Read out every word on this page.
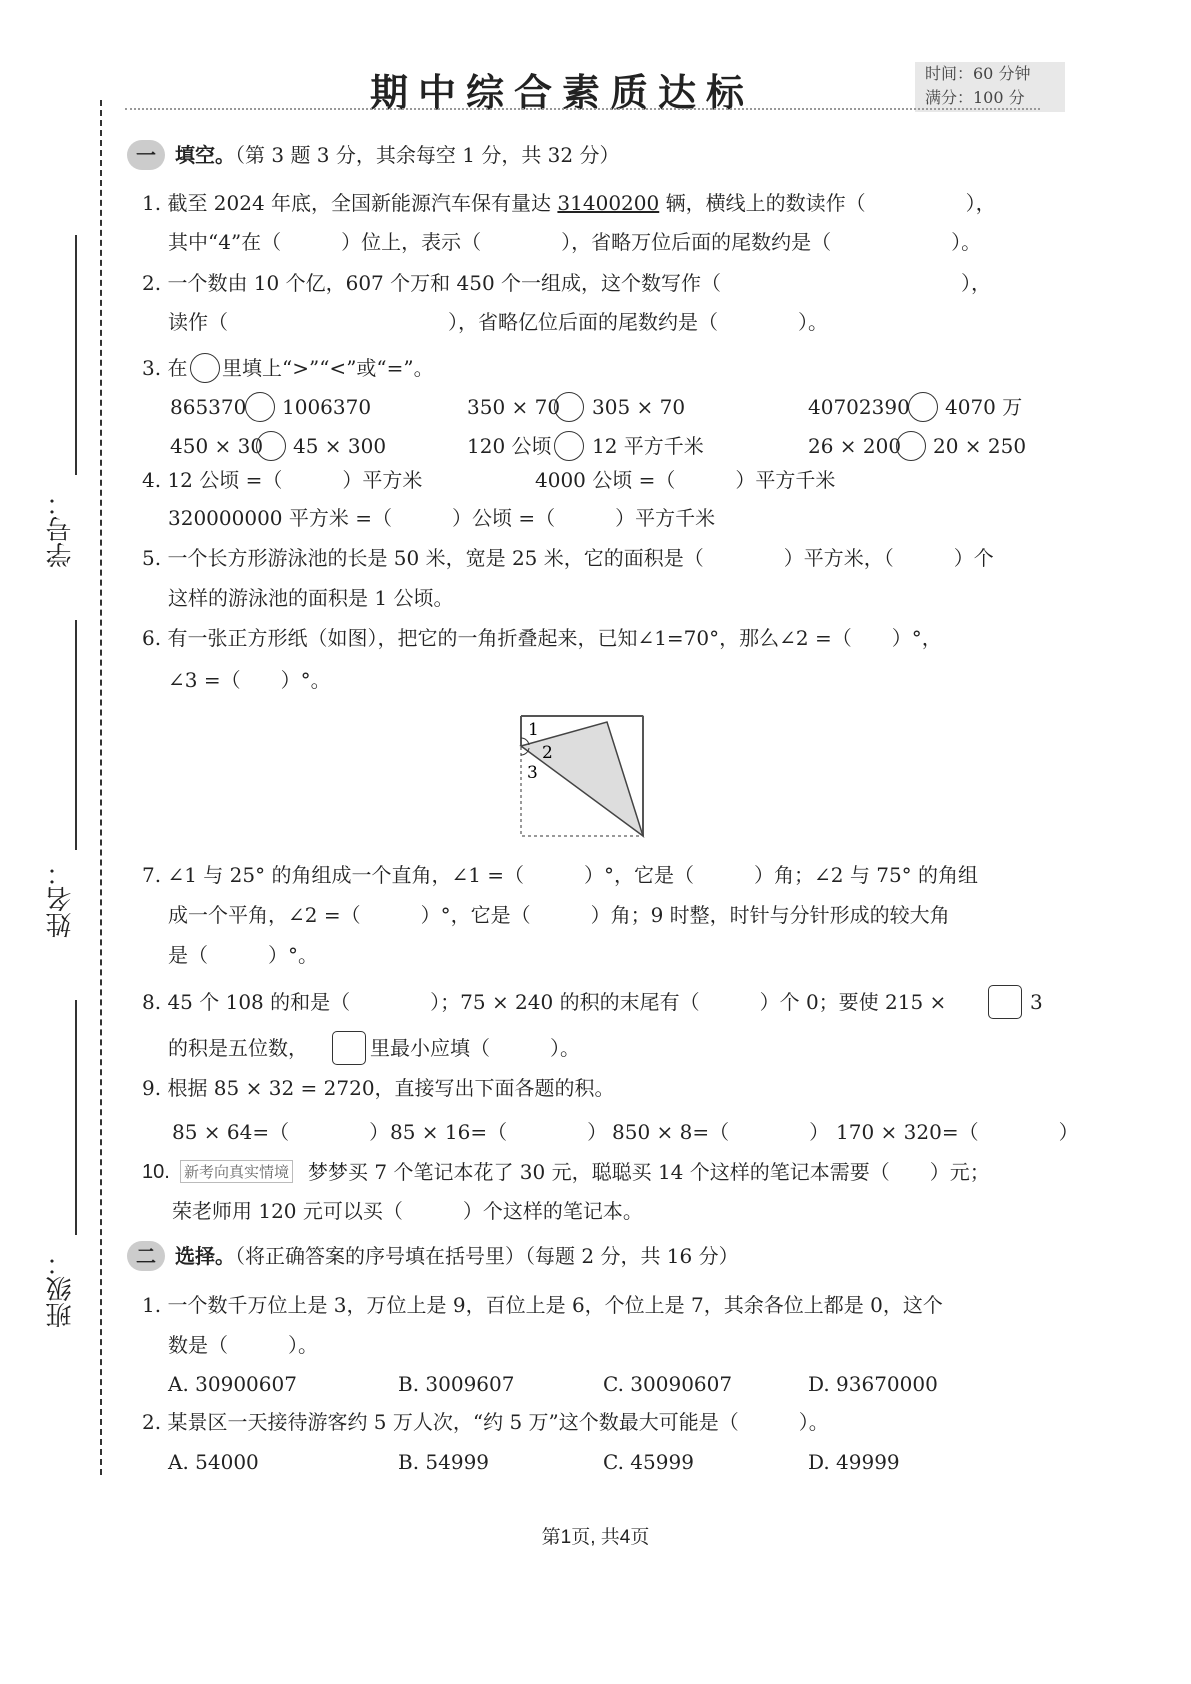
期中综合素质达标	时间：60 分钟
满分：100 分
学号：
姓名：
班级：
一 填空。（第 3 题 3 分，其余每空 1 分，共 32 分）
1. 截至 2024 年底，全国新能源汽车保有量达 31400200 辆，横线上的数读作（　　　　　），
其中“4”在（　　　）位上，表示（　　　　），省略万位后面的尾数约是（　　　　　　）。
2. 一个数由 10 个亿，607 个万和 450 个一组成，这个数写作（　　　　　　　　　　　　），
读作（　　　　　　　　　　　），省略亿位后面的尾数约是（　　　　）。
3. 在 里填上“>”“<”或“=”。
865370 1006370	350 × 70 305 × 70	40702390 4070 万
450 × 30 45 × 300	120 公顷 12 平方千米	26 × 200 20 × 250
4. 12 公顷 =（　　　）平方米	4000 公顷 =（　　　）平方千米
320000000 平方米 =（　　　）公顷 =（　　　）平方千米
5. 一个长方形游泳池的长是 50 米，宽是 25 米，它的面积是（　　　　）平方米，（　　　）个
这样的游泳池的面积是 1 公顷。
6. 有一张正方形纸（如图），把它的一角折叠起来，已知∠1=70°，那么∠2 =（　　）°，
∠3 =（　　）°。
1
2
3
7. ∠1 与 25° 的角组成一个直角，∠1 =（　　　）°，它是（　　　）角；∠2 与 75° 的角组
成一个平角，∠2 =（　　　）°，它是（　　　）角；9 时整，时针与分针形成的较大角
是（　　　）°。
8. 45 个 108 的和是（　　　　）；75 × 240 的积的末尾有（　　　）个 0；要使 215 ×	3
的积是五位数，	里最小应填（　　　）。
9. 根据 85 × 32 = 2720，直接写出下面各题的积。
85 × 64=（　　　　） 85 × 16=（　　　　） 850 × 8=（　　　　） 170 × 320=（　　　　）
10. 新考向真实情境 梦梦买 7 个笔记本花了 30 元，聪聪买 14 个这样的笔记本需要（　　）元；
荣老师用 120 元可以买（　　　）个这样的笔记本。
二 选择。（将正确答案的序号填在括号里）（每题 2 分，共 16 分）
1. 一个数千万位上是 3，万位上是 9，百位上是 6，个位上是 7，其余各位上都是 0，这个
数是（　　　）。
A. 30900607	B. 3009607	C. 30090607	D. 93670000
2. 某景区一天接待游客约 5 万人次，“约 5 万”这个数最大可能是（　　　）。
A. 54000	B. 54999	C. 45999	D. 49999
第1页, 共4页
